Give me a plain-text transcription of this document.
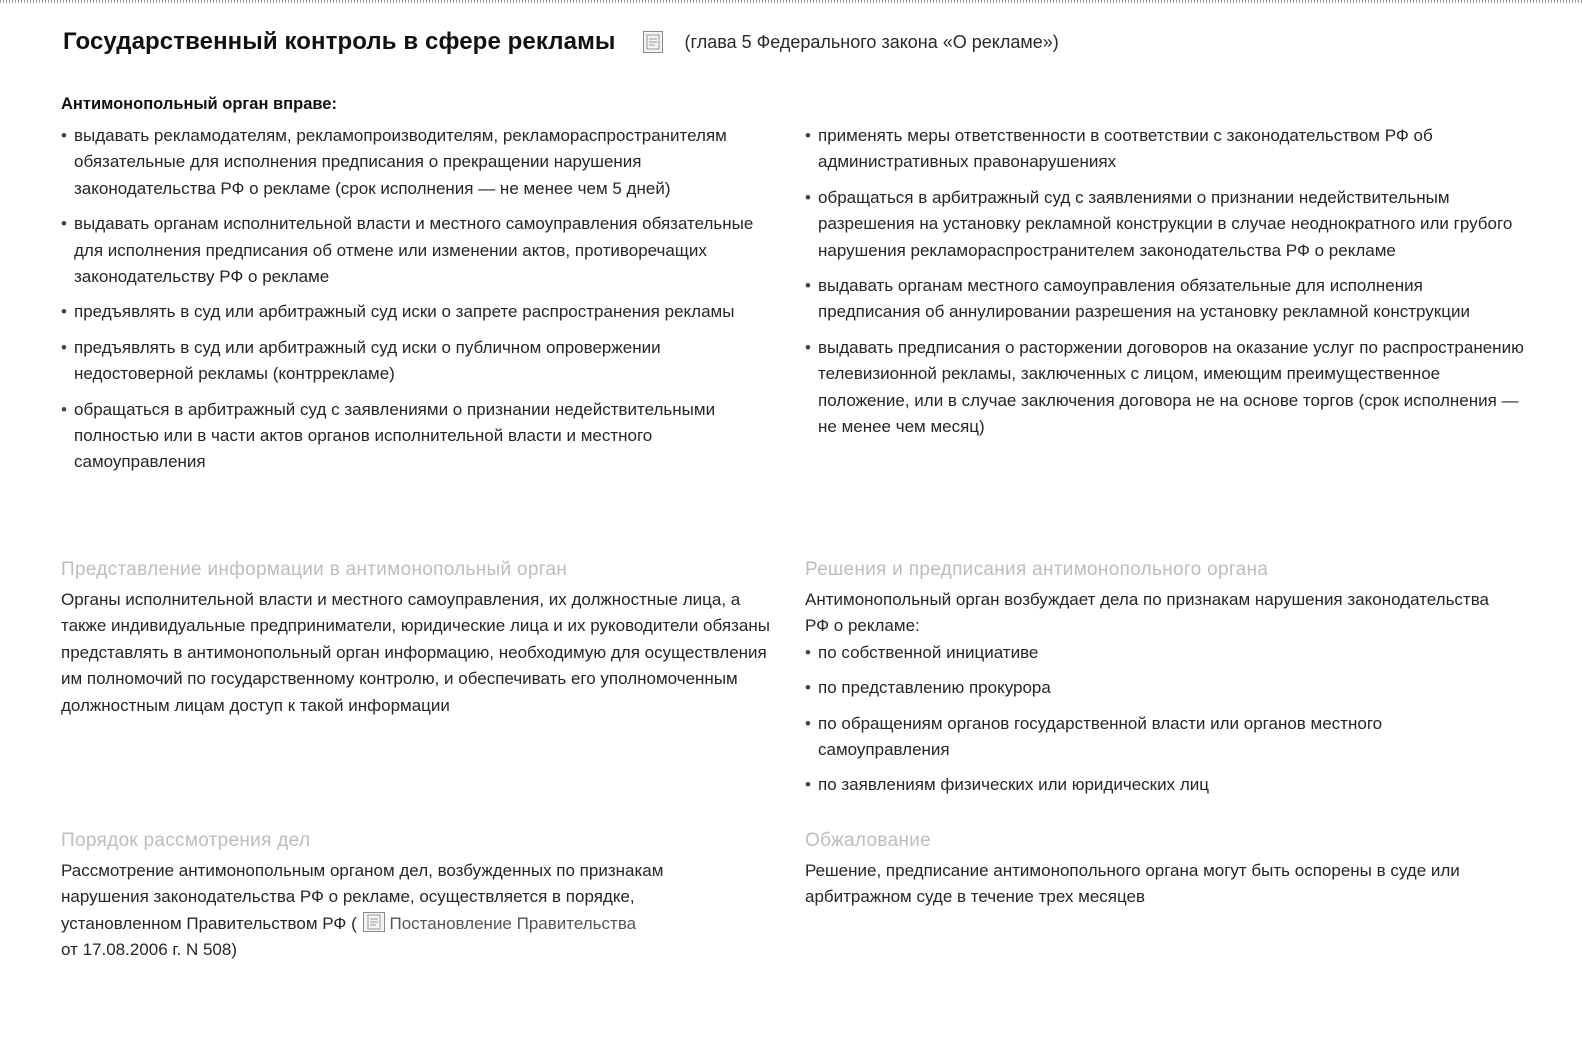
Государственный контроль в сфере рекламы	(глава 5 Федерального закона «О рекламе»)
Антимонопольный орган вправе:
• выдавать рекламодателям, рекламопроизводителям, рекламораспространителям обязательные для исполнения предписания о прекращении нарушения законодательства РФ о рекламе (срок исполнения — не менее чем 5 дней)
• выдавать органам исполнительной власти и местного самоуправления обязательные для исполнения предписания об отмене или изменении актов, противоречащих законодательству РФ о рекламе
• предъявлять в суд или арбитражный суд иски о запрете распространения рекламы
• предъявлять в суд или арбитражный суд иски о публичном опровержении недостоверной рекламы (контррекламе)
• обращаться в арбитражный суд с заявлениями о признании недействительными полностью или в части актов органов исполнительной власти и местного самоуправления
• применять меры ответственности в соответствии с законодательством РФ об административных правонарушениях
• обращаться в арбитражный суд с заявлениями о признании недействительным разрешения на установку рекламной конструкции в случае неоднократного или грубого нарушения рекламораспространителем законодательства РФ о рекламе
• выдавать органам местного самоуправления обязательные для исполнения предписания об аннулировании разрешения на установку рекламной конструкции
• выдавать предписания о расторжении договоров на оказание услуг по распространению телевизионной рекламы, заключенных с лицом, имеющим преимущественное положение, или в случае заключения договора не на основе торгов (срок исполнения — не менее чем месяц)
Представление информации в антимонопольный орган
Органы исполнительной власти и местного самоуправления, их должностные лица, а также индивидуальные предприниматели, юридические лица и их руководители обязаны представлять в антимонопольный орган информацию, необходимую для осуществления им полномочий по государственному контролю, и обеспечивать его уполномоченным должностным лицам доступ к такой информации
Решения и предписания антимонопольного органа
Антимонопольный орган возбуждает дела по признакам нарушения законодательства РФ о рекламе:
• по собственной инициативе
• по представлению прокурора
• по обращениям органов государственной власти или органов местного самоуправления
• по заявлениям физических или юридических лиц
Порядок рассмотрения дел
Рассмотрение антимонопольным органом дел, возбужденных по признакам нарушения законодательства РФ о рекламе, осуществляется в порядке, установленном Правительством РФ ( Постановление Правительства
от 17.08.2006 г. N 508)
Обжалование
Решение, предписание антимонопольного органа могут быть оспорены в суде или арбитражном суде в течение трех месяцев
